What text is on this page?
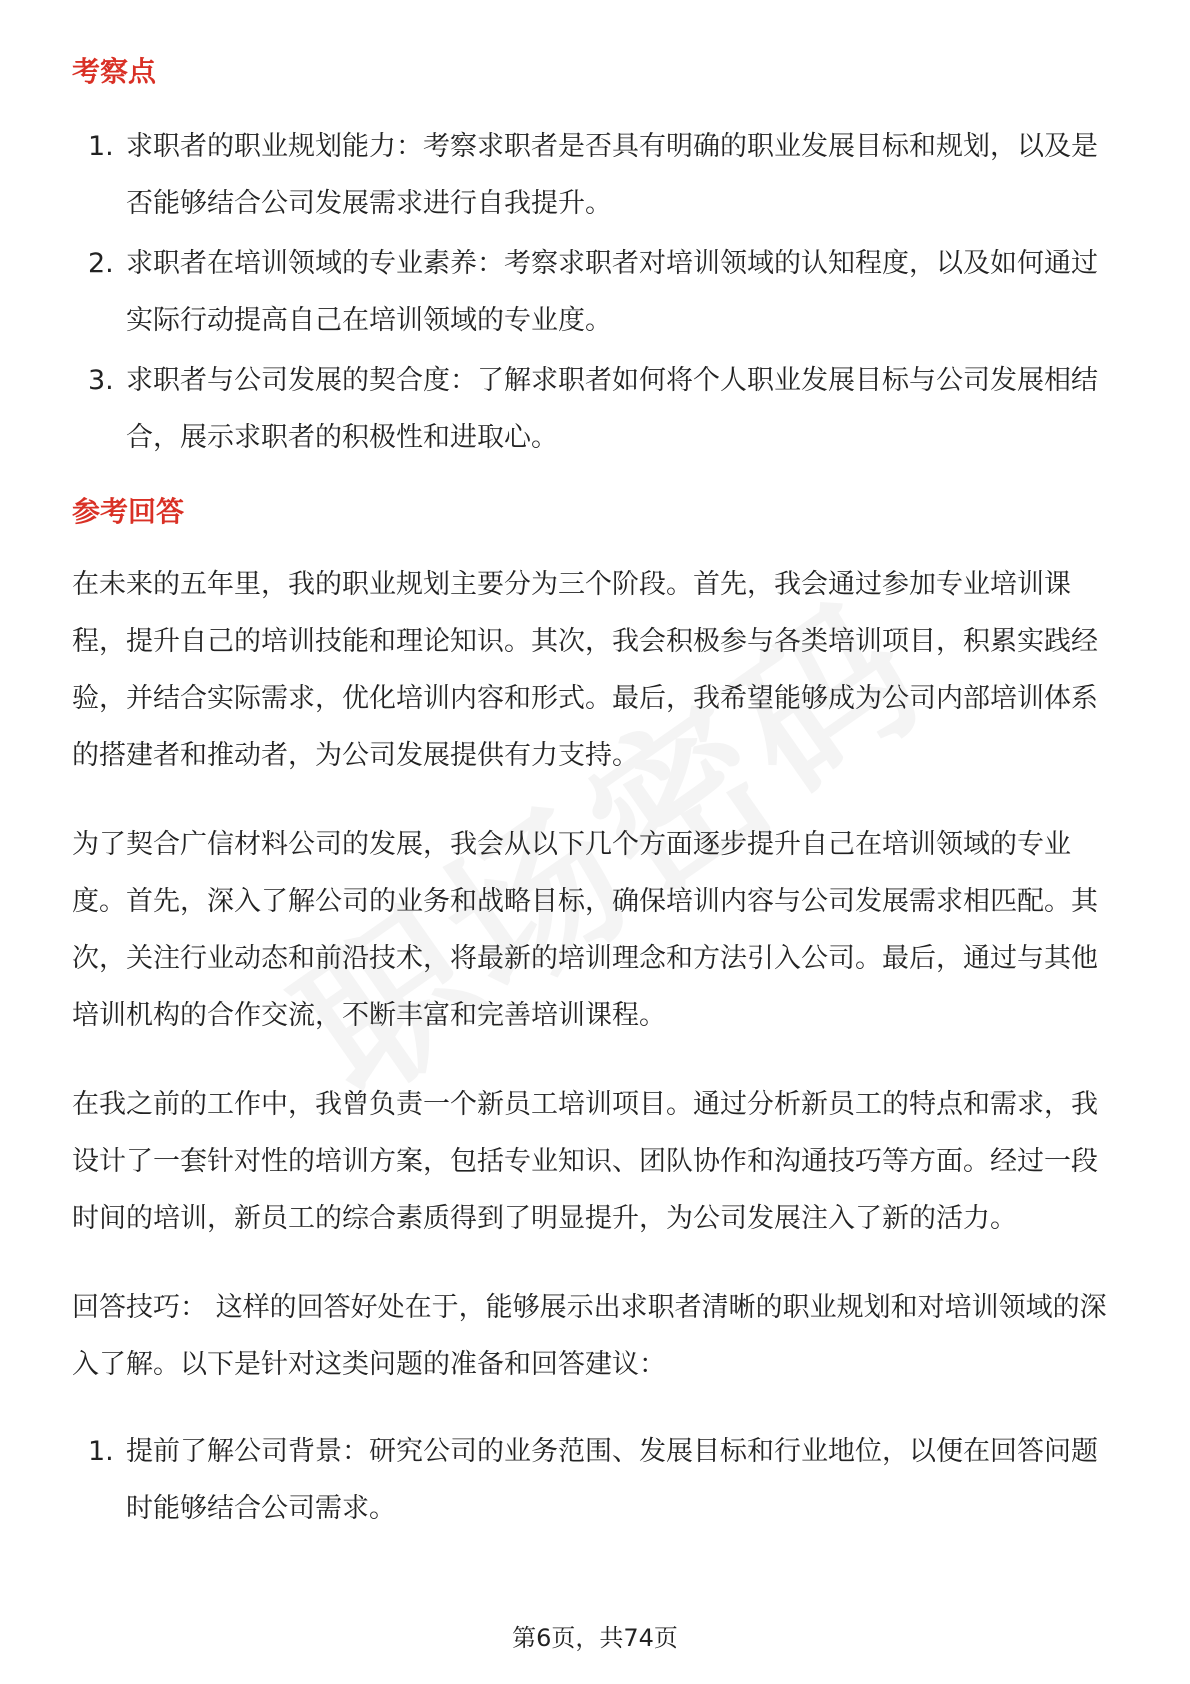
考察点
1. 求职者的职业规划能力：考察求职者是否具有明确的职业发展目标和规划，以及是否能够结合公司发展需求进行自我提升。
2. 求职者在培训领域的专业素养：考察求职者对培训领域的认知程度，以及如何通过实际行动提高自己在培训领域的专业度。
3. 求职者与公司发展的契合度：了解求职者如何将个人职业发展目标与公司发展相结合，展示求职者的积极性和进取心。
参考回答

在未来的五年里，我的职业规划主要分为三个阶段。首先，我会通过参加专业培训课程，提升自己的培训技能和理论知识。其次，我会积极参与各类培训项目，积累实践经验，并结合实际需求，优化培训内容和形式。最后，我希望能够成为公司内部培训体系的搭建者和推动者，为公司发展提供有力支持。

为了契合广信材料公司的发展，我会从以下几个方面逐步提升自己在培训领域的专业度。首先，深入了解公司的业务和战略目标，确保培训内容与公司发展需求相匹配。其次，关注行业动态和前沿技术，将最新的培训理念和方法引入公司。最后，通过与其他培训机构的合作交流，不断丰富和完善培训课程。

在我之前的工作中，我曾负责一个新员工培训项目。通过分析新员工的特点和需求，我设计了一套针对性的培训方案，包括专业知识、团队协作和沟通技巧等方面。经过一段时间的培训，新员工的综合素质得到了明显提升，为公司发展注入了新的活力。

回答技巧： 这样的回答好处在于，能够展示出求职者清晰的职业规划和对培训领域的深入了解。以下是针对这类问题的准备和回答建议：

1. 提前了解公司背景：研究公司的业务范围、发展目标和行业地位，以便在回答问题时能够结合公司需求。
第6页，共74页
